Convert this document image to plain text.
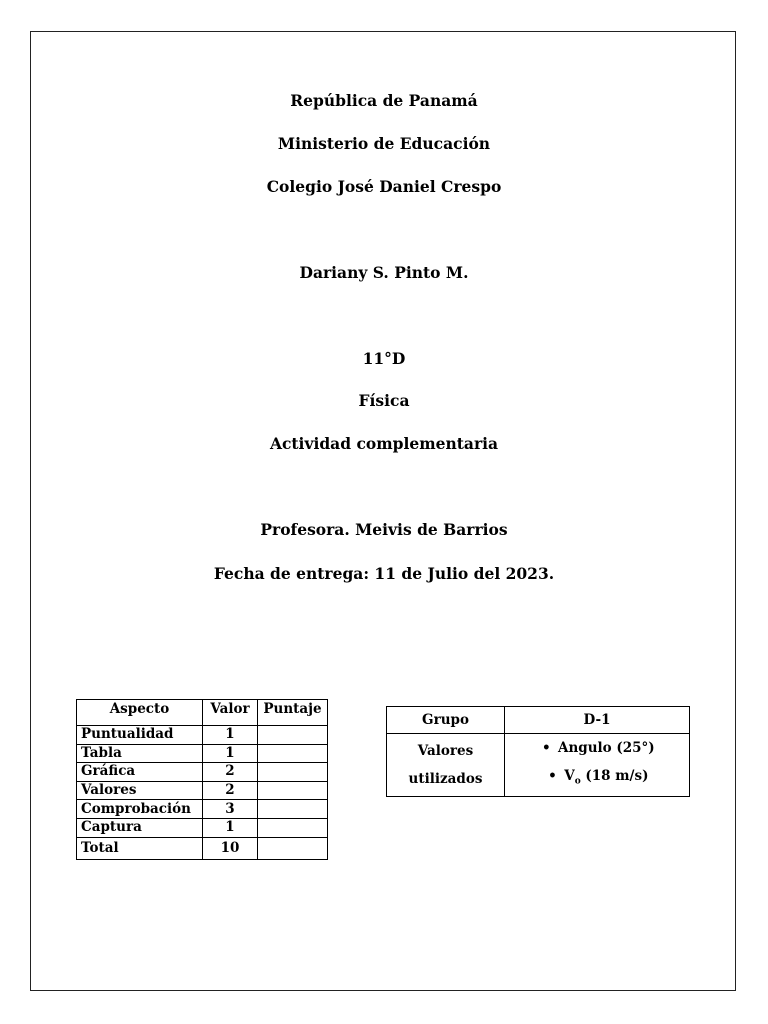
República de Panamá
Ministerio de Educación
Colegio José Daniel Crespo
Dariany S. Pinto M.
11°D
Física
Actividad complementaria
Profesora. Meivis de Barrios
Fecha de entrega: 11 de Julio del 2023.
Aspecto	Valor	Puntaje
Puntualidad	1	
Tabla	1	
Gráfica	2	
Valores	2	
Comprobación	3	
Captura	1	
Total	10	
Grupo	D-1

Valores
utilizados	• Angulo (25°)
• $V_o$ (18 m/s)
